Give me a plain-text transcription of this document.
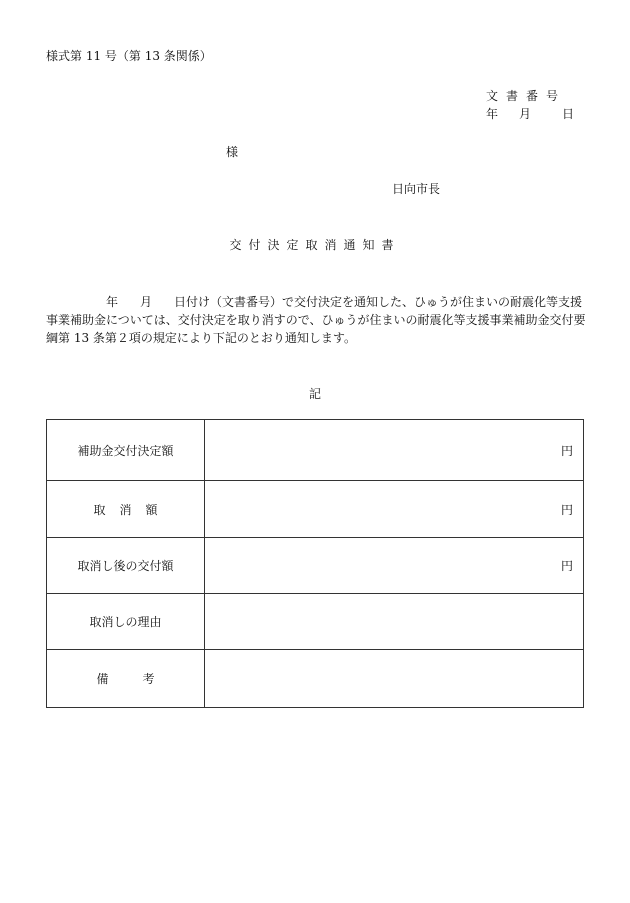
様式第 11 号（第 13 条関係）
文書番号
年 月	日
様
日向市長
交付決定取消通知書
年 月 日付け（文書番号）で交付決定を通知した、ひゅうが住まいの耐震化等支援
事業補助金については、交付決定を取り消すので、ひゅうが住まいの耐震化等支援事業補助金交付要
綱第 13 条第２項の規定により下記のとおり通知します。
記
補助金交付決定額	円
取消額	円
取消し後の交付額	円
取消しの理由	
備考	
